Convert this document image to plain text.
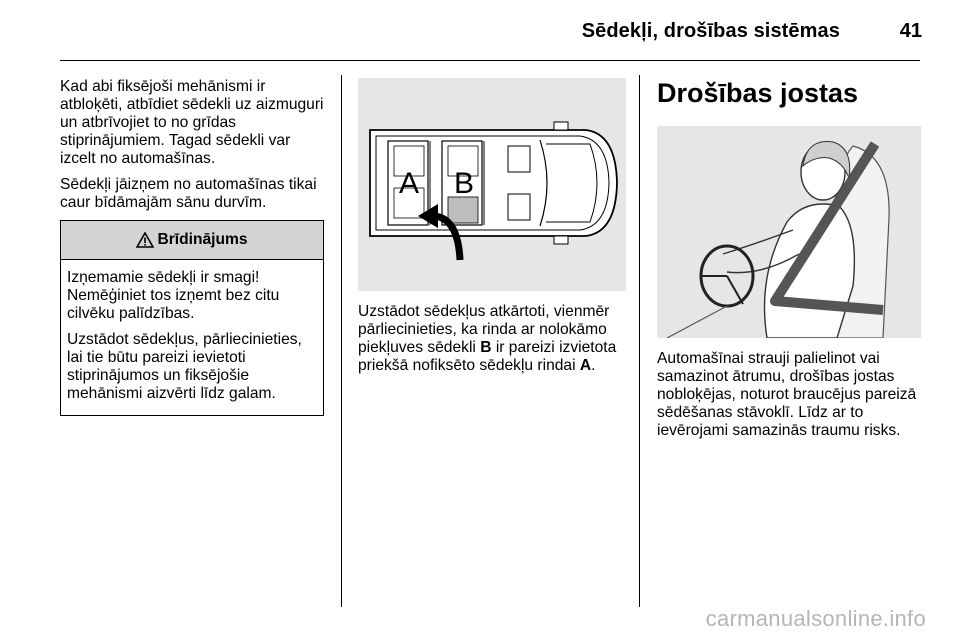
Sēdekļi, drošības sistēmas	41

Kad abi fiksējoši mehānismi ir atbloķēti, atbīdiet sēdekli uz aizmuguri un atbrīvojiet to no grīdas stiprinājumiem. Tagad sēdekli var izcelt no automašīnas.

Sēdekļi jāizņem no automašīnas tikai caur bīdāmajām sānu durvīm.

Brīdinājums

Izņemamie sēdekļi ir smagi! Nemēģiniet tos izņemt bez citu cilvēku palīdzības.

Uzstādot sēdekļus, pārliecinieties, lai tie būtu pareizi ievietoti stiprinājumos un fiksējošie mehānismi aizvērti līdz galam.

A B

Uzstādot sēdekļus atkārtoti, vienmēr pārliecinieties, ka rinda ar nolokāmo piekļuves sēdekli B ir pareizi izvietota priekšā nofiksēto sēdekļu rindai A.

Drošības jostas

Automašīnai strauji palielinot vai samazinot ātrumu, drošības jostas nobloķējas, noturot braucējus pareizā sēdēšanas stāvoklī. Līdz ar to ievērojami samazinās traumu risks.

carmanualsonline.info
